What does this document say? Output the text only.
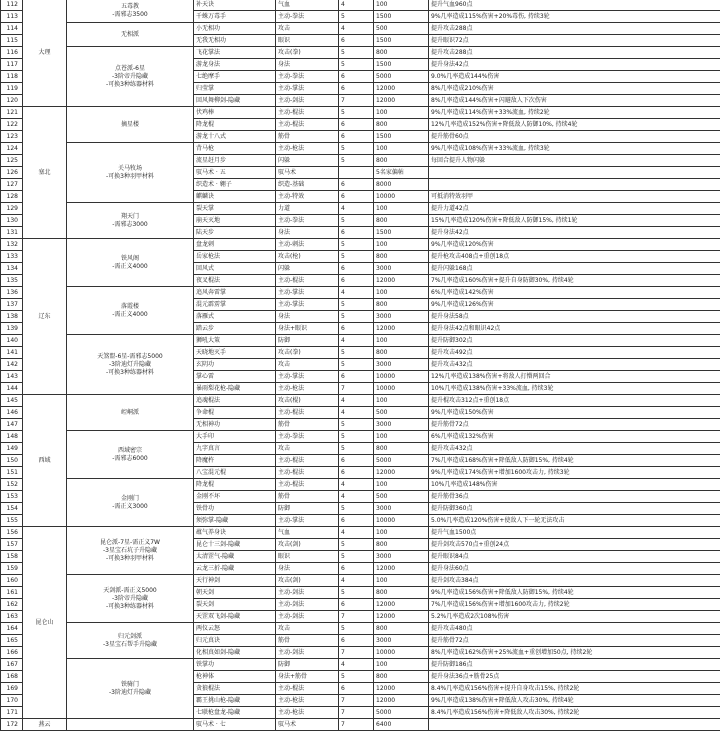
112	大理	五毒教
-需邪志3500	补天诀	气血	4	100	提升气血960点
113			千蛛万毒手	主动-拳法	5	1500	9%几率造成115%伤害+20%毒伤, 持续3轮
114		无相派	小无相功	攻击	4	500	提升攻击288点
115			无我无相功	眼识	6	1500	提升眼识72点
116		点苍派-6星
-3阶帝升隐藏
-可换3种练器材料	飞花掌法	攻击(拳)	5	800	提升攻击288点
117			游龙身法	身法	5	1500	提升身法42点
118			七绝摩手	主动-拳法	6	5000	9.0%几率造成144%伤害
119			归莹掌	主动-掌法	6	12000	8%几率造成210%伤害
120			回风舞柳剑-隐藏	主动-剑法	7	12000	8%几率造成144%伤害+闪避敌人下次伤害
121	塞北	摘星楼	伏鸡棒	主动-棍法	5	100	9%几率造成114%伤害+33%流血, 持续2轮
122			降龙棍	主动-棍法	6	800	12%几率造成152%伤害+降低敌人防御10%, 持续4轮
123			游龙十八式	筋骨	6	1500	提升筋骨60点
124		关马牧场
-可换3种羽甲材料	背马枪	主动-枪法	5	100	9%几率造成108%伤害+33%流血, 持续3轮
125			流星赶月步	闪躲	5	800	每回合提升人物闪躲
126			驭马术 · 五	驭马术		5名家偏帖	
127			织造术 · 翱子	织造-基础	6	8000	
128			麒麟诀	主动-特效	6	10000	可抵消特效羽甲
129		翔天门
-需邪志3000	裂天掌	力道	4	100	提升力道42点
130			崩天灭地	主动-拳法	5	800	15%几率造成120%伤害+降低敌人防御15%, 持续1轮
131			陆天步	身法	6	1500	提升身法42点
132	辽东	铁风阁
-需正义4000	盘龙刺	主动-刺法	5	100	9%几率造成120%伤害
133			岳家枪法	攻击(枪)	5	800	提升枪攻击408点+重创18点
134			回风式	闪躲	6	3000	提升闪躲168点
135			夜叉棍法	主动-棍法	6	12000	7%几率造成160%伤害+提升自身防御30%, 持续4轮
136		落霞楼
-需正义4000	追风奔雷掌	主动-掌法	4	100	6%几率造成142%伤害
137			混元霹雳掌	主动-掌法	5	800	9%几率造成126%伤害
138			落雁式	身法	5	3000	提升身法58点
139			踏云步	身法+眼识	6	12000	提升身法42点和眼识42点
140		天煞盟-6星-需邪志5000
-3阶迪灯升隐藏
-可换3种练器材料	狮吼大策	防御	4	100	提升防御302点
141			天晓地灭手	攻击(拳)	5	800	提升攻击492点
142			玄阴功	攻击	5	3000	提升攻击432点
143			掌心雷	主动-掌法	6	10000	12%几率造成138%伤害+将敌人打懵两回合
144			暴雨梨花枪-隐藏	主动-枪法	7	10000	10%几率造成138%伤害+33%流血, 持续3轮
145	西域	崆峒派	追魂棍法	攻击(棍)	4	100	提升棍攻击312点+重创18点
146			争命棍	主动-棍法	4	500	9%几率造成150%伤害
147			无相神功	筋骨	5	3000	提升筋骨72点
148		西域密宗
-需邪志6000	大手印	主动-拳法	5	100	6%几率造成132%伤害
149			九字真言	攻击	5	800	提升攻击432点
150			降魔杵	主动-棍法	6	5000	7%几率造成168%伤害+降低敌人防御15%, 持续4轮
151			八宝混元棍	主动-棍法	6	12000	9%几率造成174%伤害+增加1600攻击力, 持续3轮
152		金刚门
-需正义3000	降龙棍	主动-棍法	4	100	10%几率造成148%伤害
153			金刚不坏	筋骨	4	500	提升筋骨36点
154			铁骨功	防御	5	3000	提升防御360点
155			须弥掌-隐藏	主动-掌法	6	10000	5.0%几率造成120%伤害+使敌人下一轮无法攻击
156	昆仑山	昆仑派-7星-需正义7W
-3星宝石坑子升隐藏
-可换3种羽甲材料	蕴气养身诀	气血	4	100	提升气血1500点
157			昆仑十三剑-隐藏	攻击(剑)	5	800	提升剑攻击570点+重创24点
158			太清罡气-隐藏	眼识	5	3000	提升眼识84点
159			云龙三折-隐藏	身法	6	12000	提升身法60点
160		天剑派-需正义5000
-3阶帝升隐藏
-可换3种练器材料	天行神剑	攻击(剑)	4	100	提升剑攻击384点
161			朝天剑	主动-剑法	5	800	9%几率造成156%伤害+降低敌人防御15%, 持续4轮
162			裂天剑	主动-剑法	6	12000	7%几率造成156%伤害+增加1600攻击力, 持续2轮
163			天罡双飞剑-隐藏	主动-剑法	7	12000	5.2%几率造成2次108%伤害
164		归元剑派
-3星宝石帮手升隐藏	两仪云怒	攻击	5	800	提升攻击480点
165			归元真诀	筋骨	6	3000	提升筋骨72点
166			化相真如剑-隐藏	主动-剑法	7	10000	8%几率造成162%伤害+25%流血+重创增加50点, 持续2轮
167		铁骑门
-3阶迪灯升隐藏	铁掌功	防御	4	100	提升防御186点
168			枪神体	身法+筋骨	5	800	提升身法36点+筋骨25点
169			贪狼棍法	主动-棍法	6	12000	8.4%几率造成156%伤害+提升自身攻击15%, 持续2轮
170			霸王挑山枪-隐藏	主动-枪法	7	12000	9%几率造成138%伤害+降低敌人攻击30%, 持续4轮
171			七联枪盘龙-隐藏	主动-枪法	7	5000	8.4%几率造成156%伤害+降低敌人攻击30%, 持续2轮
172	燕云		驭马术 · 七	驭马术	7	6400	
